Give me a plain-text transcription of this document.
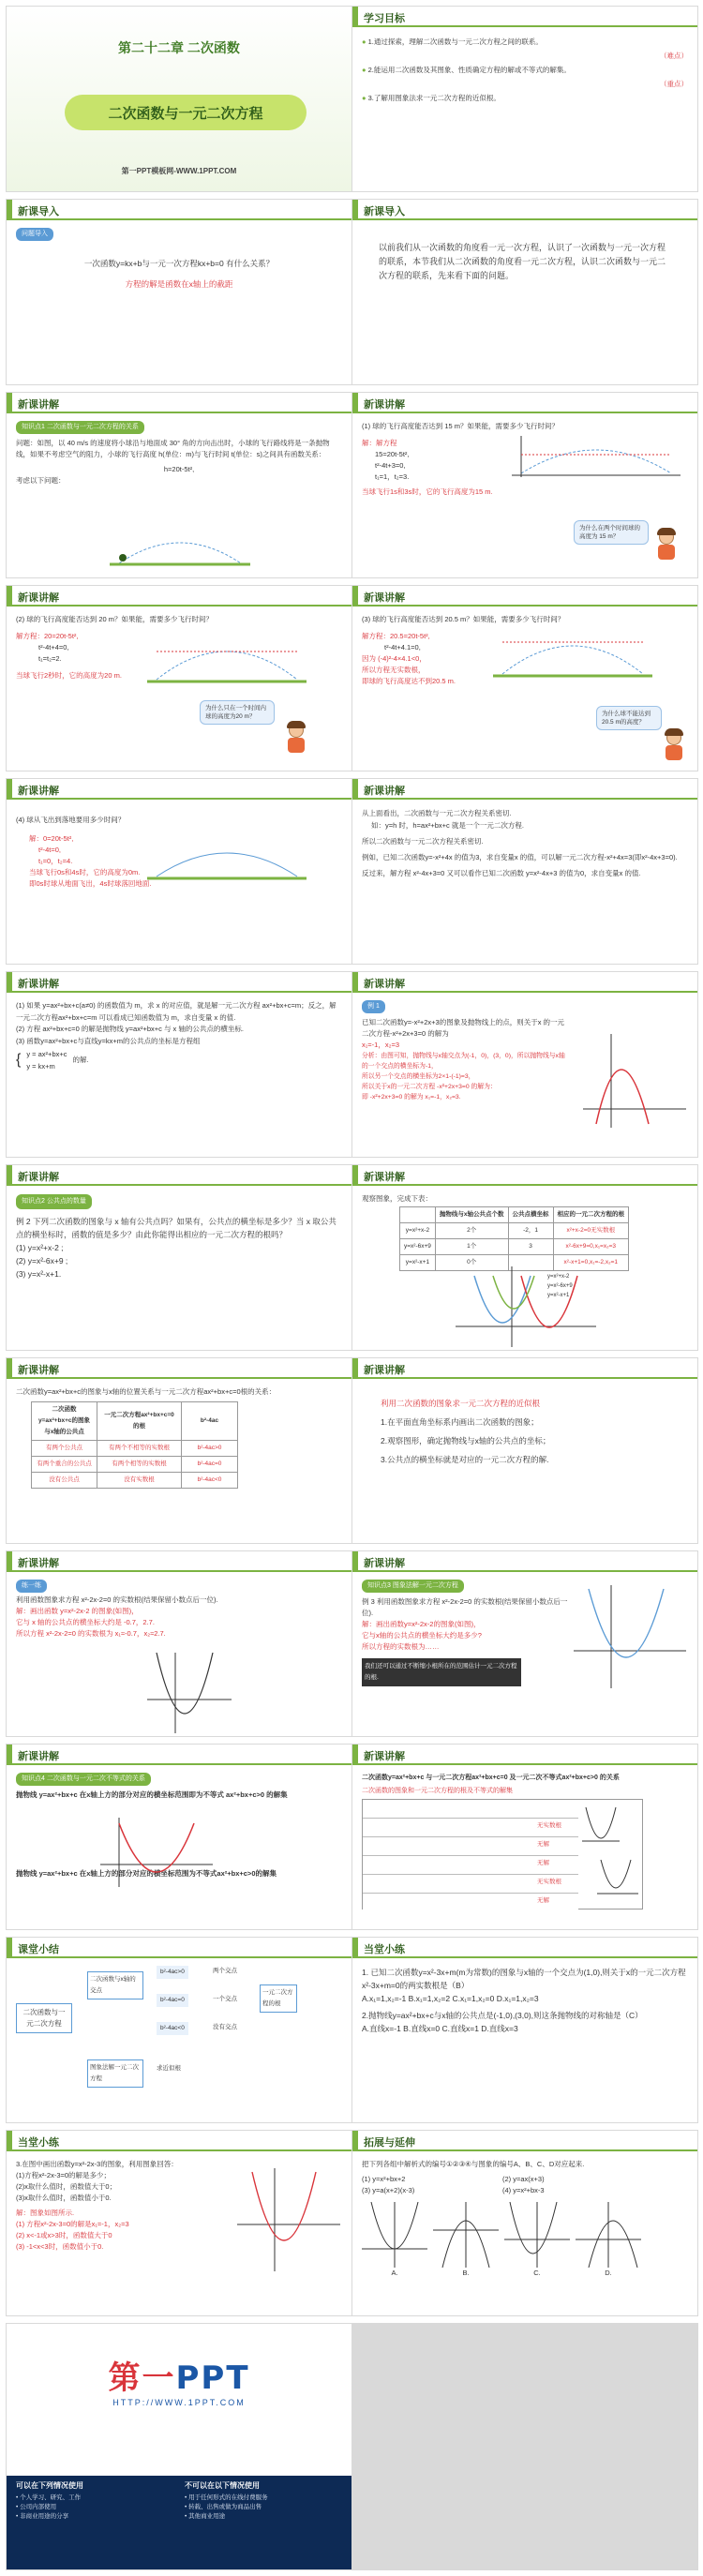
第二十二章 二次函数
二次函数与一元二次方程
第一PPT模板网-WWW.1PPT.COM
学习目标
● 1.通过探索，理解二次函数与一元二次方程之间的联系。
（难点）
● 2.能运用二次函数及其图象、性质确定方程的解或不等式的解集。
（重点）
● 3.了解用图象法求一元二次方程的近似根。
新课导入
问题导入
一次函数y=kx+b与一元一次方程kx+b=0 有什么关系？
方程的解是函数在x轴上的截距
新课导入
以前我们从一次函数的角度看一元一次方程，认识了一次函数与一元一次方程的联系，本节我们从二次函数的角度看一元二次方程，认识二次函数与一元二次方程的联系，先来看下面的问题。
新课讲解
知识点1 二次函数与一元二次方程的关系
问题：如图，以 40 m/s 的速度将小球沿与地面成 30° 角的方向击出时，小球的飞行路线将是一条抛物线，如果不考虑空气的阻力，小球的飞行高度 h(单位：m)与飞行时间 t(单位：s)之间具有函数关系：
h=20t-5t²,
考虑以下问题：
新课讲解
(1) 球的飞行高度能否达到 15 m？如果能，需要多少飞行时间？
解：解方程
15=20t-5t²,
t²-4t+3=0,
t₁=1，t₂=3.
当球飞行1s和3s时，它的飞行高度为15 m.
为什么在两个时间球的高度为 15 m？
新课讲解
(2) 球的飞行高度能否达到 20 m？如果能，需要多少飞行时间？
解方程：20=20t-5t²,
t²-4t+4=0,
t₁=t₂=2.
当球飞行2秒时，它的高度为20 m.
为什么只在一个时间内球的高度为20 m？
新课讲解
(3) 球的飞行高度能否达到 20.5 m？如果能，需要多少飞行时间？
解方程：20.5=20t-5t²,
t²-4t+4.1=0,
因为 (-4)²-4×4.1<0，
所以方程无实数根，
即球的飞行高度达不到20.5 m.
为什么球不能达到 20.5 m的高度？
新课讲解
(4) 球从飞出到落地要用多少时间？
解：0=20t-5t²,
t²-4t=0,
t₁=0，t₂=4.
当球飞行0s和4s时，它的高度为0m.
即0s时球从地面飞出，4s时球落回地面.
新课讲解
从上面看出，二次函数与一元二次方程关系密切.
如：y=h 时，h=ax²+bx+c 就是一个一元二次方程.
所以二次函数与一元二次方程关系密切.
例如，已知二次函数y=-x²+4x 的值为3，求自变量x 的值，可以解一元二次方程-x²+4x=3(即x²-4x+3=0).
反过来，解方程 x²-4x+3=0 又可以看作已知二次函数 y=x²-4x+3 的值为0，求自变量x 的值.
新课讲解
(1) 如果 y=ax²+bx+c(a≠0) 的函数值为 m，求 x 的对应值，就是解一元二次方程 ax²+bx+c=m；反之，解一元二次方程ax²+bx+c=m 可以看成已知函数值为 m，求自变量 x 的值.
(2) 方程 ax²+bx+c=0 的解是抛物线 y=ax²+bx+c 与 x 轴的公共点的横坐标.
(3) 函数y=ax²+bx+c与直线y=kx+m的公共点的坐标是方程组
{ y = ax²+bx+c
y = kx+m
的解.
新课讲解
例 1
已知二次函数y=-x²+2x+3的图象及抛物线上的点，则关于x 的一元二次方程-x²+2x+3=0 的解为
x₁=-1，x₂=3
分析：由图可知，抛物线与x轴交点为(-1，0)，(3，0)，所以抛物线与x轴的一个交点的横坐标为-1，
所以另一个交点的横坐标为2×1-(-1)=3，
所以关于x的一元二次方程 -x²+2x+3=0 的解为：
即 -x²+2x+3=0 的解为 x₁=-1，x₂=3.
新课讲解
知识点2 公共点的数量
例 2 下列二次函数的图象与 x 轴有公共点吗？如果有，公共点的横坐标是多少？当 x 取公共点的横坐标时，函数的值是多少？由此你能得出相应的一元二次方程的根吗？
(1) y=x²+x-2 ;
(2) y=x²-6x+9 ;
(3) y=x²-x+1.
新课讲解
观察图象，完成下表：
	抛物线与x轴公共点个数	公共点横坐标	相应的一元二次方程的根
y=x²+x-2	2个	-2，1	x²+x-2=0无实数根
y=x²-6x+9	1个	3	x²-6x+9=0,x₁=x₂=3
y=x²-x+1	0个		x²-x+1=0,x₁=-2,x₂=1
y=x²+x-2
y=x²-6x+9
y=x²-x+1
新课讲解
二次函数y=ax²+bx+c的图象与x轴的位置关系与一元二次方程ax²+bx+c=0根的关系：
二次函数y=ax²+bx+c的图象与x轴的公共点	一元二次方程ax²+bx+c=0的根	b²-4ac
有两个公共点	有两个不相等的实数根	b²-4ac>0
有两个重合的公共点	有两个相等的实数根	b²-4ac=0
没有公共点	没有实数根	b²-4ac<0
新课讲解
利用二次函数的图象求一元二次方程的近似根
1.在平面直角坐标系内画出二次函数的图象；
2.观察图形，确定抛物线与x轴的公共点的坐标；
3.公共点的横坐标就是对应的一元二次方程的解.
新课讲解
练一练
利用函数图象求方程 x²-2x-2=0 的实数根(结果保留小数点后一位).
解：画出函数 y=x²-2x-2 的图象(如图)，
它与 x 轴的公共点的横坐标大约是 -0.7，2.7.
所以方程 x²-2x-2=0 的实数根为 x₁≈-0.7，x₂≈2.7.
新课讲解
知识点3 图象法解一元二次方程
例 3 利用函数图象求方程 x²-2x-2=0 的实数根(结果保留小数点后一位).
解：画出函数y=x²-2x-2的图象(如图)，
它与x轴的公共点的横坐标大约是多少?
所以方程的实数根为……
我们还可以通过不断缩小根所在的范围估计一元二次方程的根.
新课讲解
知识点4 二次函数与一元二次不等式的关系
抛物线 y=ax²+bx+c 在x轴上方的部分对应的横坐标范围即为不等式 ax²+bx+c>0 的解集
抛物线 y=ax²+bx+c 在x轴上方的部分对应的横坐标范围为不等式ax²+bx+c>0的解集
新课讲解
二次函数y=ax²+bx+c 与一元二次方程ax²+bx+c=0 及一元二次不等式ax²+bx+c>0 的关系
二次函数的图象和一元二次方程的根及不等式的解集
无实数根
无解
无解
无实数根
无解
课堂小结
二次函数与一元二次方程
二次函数与x轴的交点
图象法解一元二次方程
b²-4ac>0
b²-4ac=0
b²-4ac<0
两个交点
一个交点
没有交点
求近似根
一元二次方程的根
当堂小练
1. 已知二次函数y=x²-3x+m(m为常数)的图象与x轴的一个交点为(1,0),则关于x的一元二次方程x²-3x+m=0的两实数根是（B）
A.x₁=1,x₂=-1 B.x₁=1,x₂=2 C.x₁=1,x₂=0 D.x₁=1,x₂=3
2.抛物线y=ax²+bx+c与x轴的公共点是(-1,0),(3,0),则这条抛物线的对称轴是（C）
A.直线x=-1 B.直线x=0 C.直线x=1 D.直线x=3
当堂小练
3.在图中画出函数y=x²-2x-3的图象，利用图象回答：
(1)方程x²-2x-3=0的解是多少；
(2)x取什么值时，函数值大于0；
(3)x取什么值时，函数值小于0.
解：图象如图所示.
(1) 方程x²-2x-3=0的解是x₁=-1，x₂=3
(2) x<-1或x>3时，函数值大于0
(3) -1<x<3时，函数值小于0.
拓展与延伸
把下列各组中解析式的编号①②③④与图象的编号A、B、C、D对应起来.
(1) y=x²+bx+2	(2) y=ax(x+3)
(3) y=a(x+2)(x-3)	(4) y=x²+bx-3
A.	B.	C.	D.
第一PPT
HTTP://WWW.1PPT.COM
可以在下列情况使用
• 个人学习、研究、工作
• 公司内部使用
• 非商业用途的分享
不可以在以下情况使用
• 用于任何形式的在线付费服务
• 转载、出售或做为商品出售
• 其他商业用途
